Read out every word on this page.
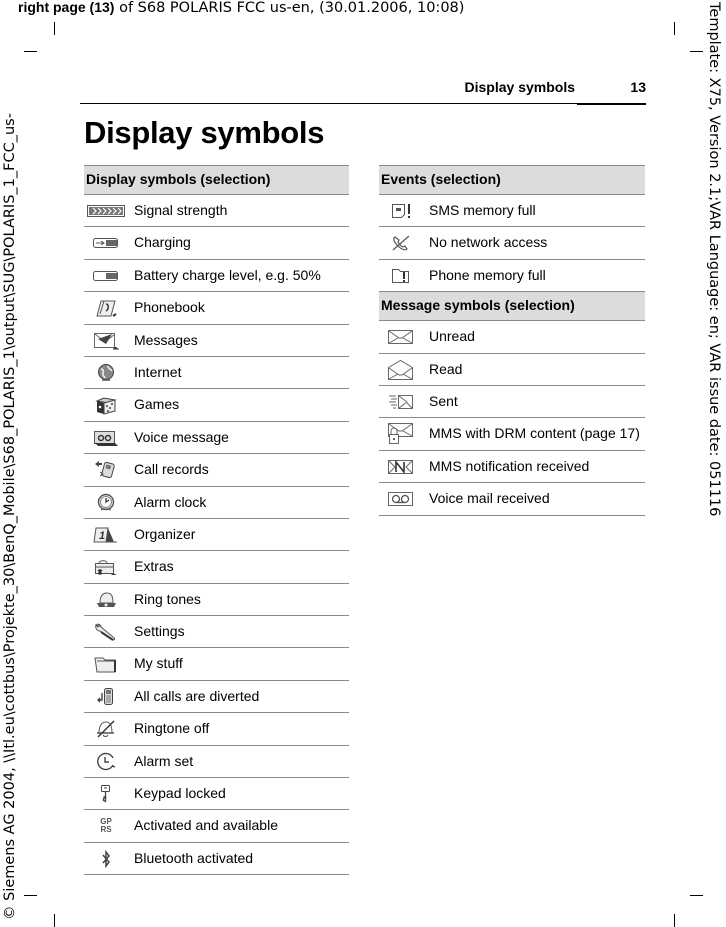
right page (13) of S68 POLARIS FCC us-en, (30.01.2006, 10:08)
© Siemens AG 2004, \\Itl.eu\cottbus\Projekte_30\BenQ_Mobile\S68_POLARIS_1\output\SUG\POLARIS_1_FCC_us-	Template: X75, Version 2.1;VAR Language: en; VAR issue date: 051116
Display symbols	13
Display symbols
Display symbols (selection)
Signal strength
Charging
Battery charge level, e.g. 50%
Phonebook
Messages
Internet
Games
Voice message
Call records
Alarm clock
1 Organizer
Extras
Ring tones
Settings
My stuff
All calls are diverted
Ringtone off
Alarm set
Keypad locked
GP
RS Activated and available
Bluetooth activated
Events (selection)
SMS memory full
No network access
Phone memory full
Message symbols (selection)
Unread
Read
Sent
MMS with DRM content (page 17)
MMS notification received
Voice mail received
